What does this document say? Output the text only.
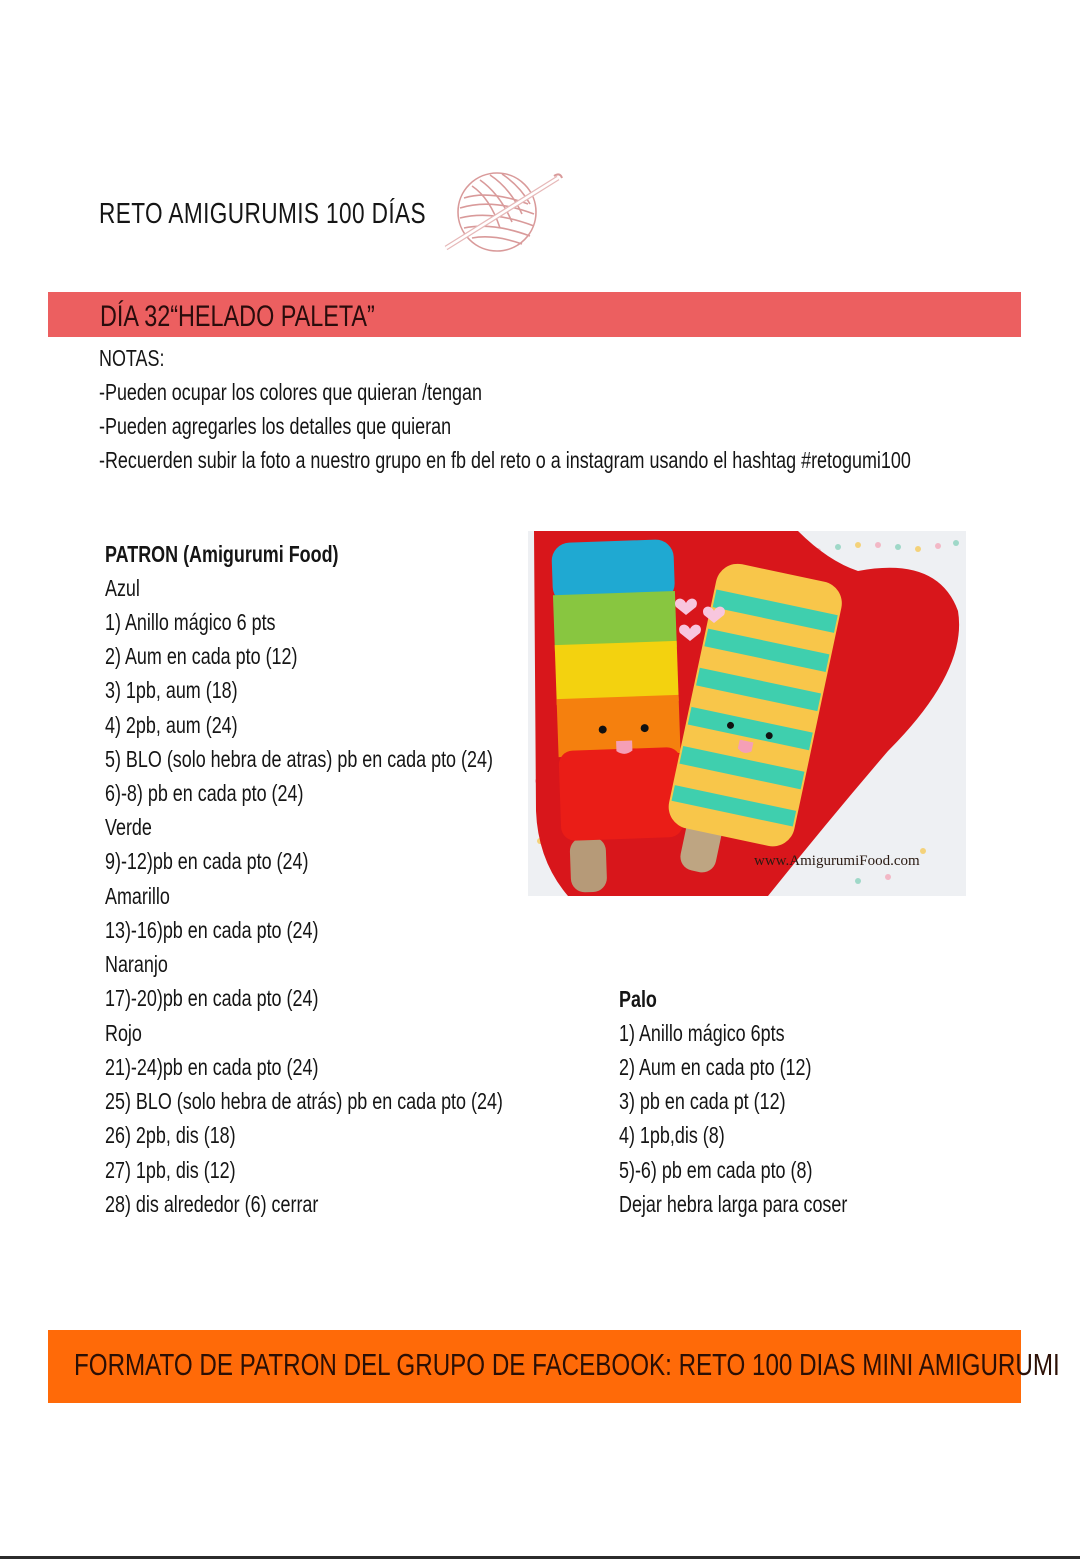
RETO AMIGURUMIS 100 DÍAS
DÍA 32“HELADO PALETA”
NOTAS:
-Pueden ocupar los colores que quieran /tengan
-Pueden agregarles los detalles que quieran
-Recuerden subir la foto a nuestro grupo en fb del reto o a instagram usando el hashtag #retogumi100
PATRON (Amigurumi Food)
Azul
1) Anillo mágico 6 pts
2) Aum en cada pto (12)
3) 1pb, aum (18)
4) 2pb, aum (24)
5) BLO (solo hebra de atras) pb en cada pto (24)
6)-8) pb en cada pto (24)
Verde
9)-12)pb en cada pto (24)
Amarillo
13)-16)pb en cada pto (24)
Naranjo
17)-20)pb en cada pto (24)
Rojo
21)-24)pb en cada pto (24)
25) BLO (solo hebra de atrás) pb en cada pto (24)
26) 2pb, dis (18)
27) 1pb, dis (12)
28) dis alrededor (6) cerrar
www.AmigurumiFood.com
Palo
1) Anillo mágico 6pts
2) Aum en cada pto (12)
3) pb en cada pt (12)
4) 1pb,dis (8)
5)-6) pb em cada pto (8)
Dejar hebra larga para coser
FORMATO DE PATRON DEL GRUPO DE FACEBOOK: RETO 100 DIAS MINI AMIGURUMI
